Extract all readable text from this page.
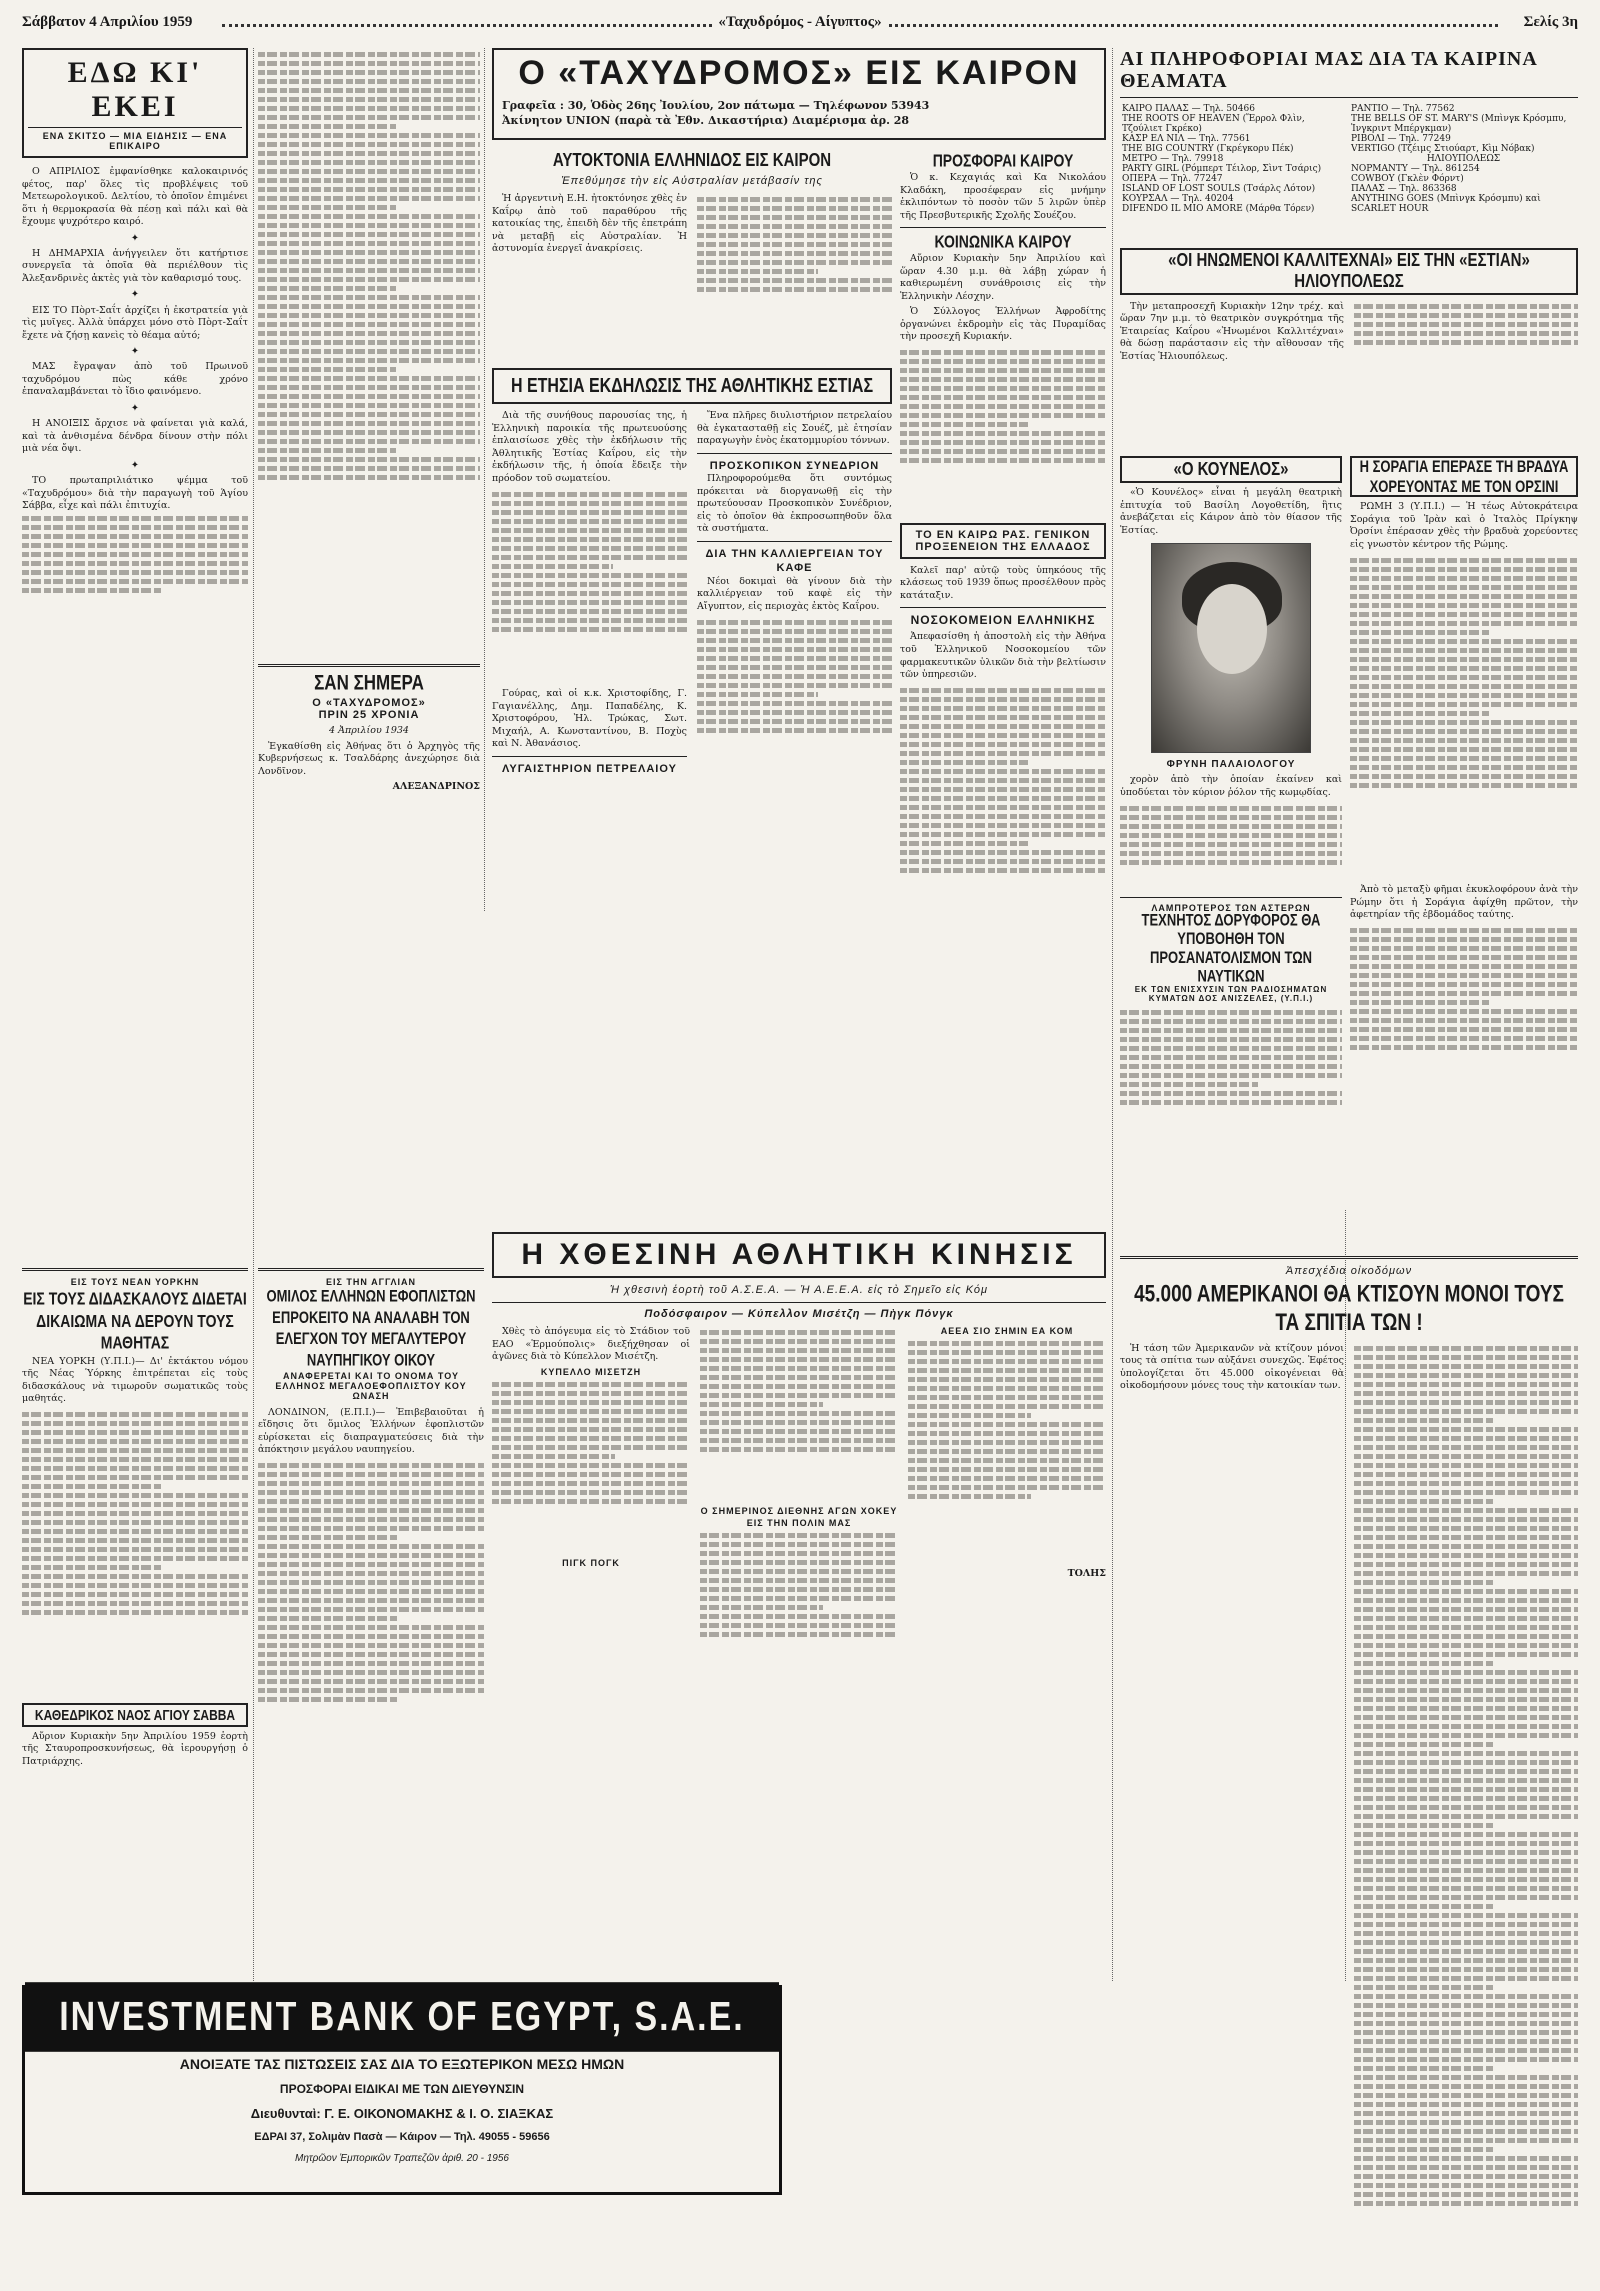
Σάββατον 4 Απριλίου 1959	«Ταχυδρόμος - Αίγυπτος»	Σελίς 3η
ΕΔΩ ΚΙ' ΕΚΕΙ
ΕΝΑ ΣΚΙΤΣΟ — ΜΙΑ ΕΙΔΗΣΙΣ — ΕΝΑ ΕΠΙΚΑΙΡΟ

Ο ΑΠΡΙΛΙΟΣ ἐμφανίσθηκε καλοκαιρινός φέτος, παρ' ὅλες τὶς προβλέψεις τοῦ Μετεωρολογικοῦ. Δελτίου, τὸ ὁποῖον ἐπιμένει ὅτι ἡ θερμοκρασία θὰ πέσῃ καὶ πάλι καὶ θὰ ἔχουμε ψυχρότερο καιρό.

✦

Η ΔΗΜΑΡΧΙΑ ἀνήγγειλεν ὅτι κατήρτισε συνεργεῖα τὰ ὁποῖα θὰ περιέλθουν τὶς Ἀλεξανδρινὲς ἀκτὲς γιὰ τὸν καθαρισμό τους.

✦

ΕΙΣ ΤΟ Πὸρτ-Σαΐτ ἀρχίζει ἡ ἐκστρατεία γιὰ τὶς μυῖγες. Ἀλλὰ ὑπάρχει μόνο στὸ Πὸρτ-Σαΐτ ἔχετε νὰ ζήσῃ κανεὶς τὸ θέαμα αὐτό;

✦

ΜΑΣ ἔγραψαν ἀπὸ τοῦ Πρωινοῦ ταχυδρόμου πὼς κάθε χρόνο ἐπαναλαμβάνεται τὸ ἴδιο φαινόμενο.

✦

Η ΑΝΟΙΞΙΣ ἄρχισε νὰ φαίνεται γιὰ καλά, καὶ τὰ ἀνθισμένα δένδρα δίνουν στὴν πόλι μιὰ νέα ὄψι.

✦

ΤΟ πρωταπριλιάτικο ψέμμα τοῦ «Ταχυδρόμου» διὰ τὴν παραγωγὴ τοῦ Ἁγίου Σάββα, εἶχε καὶ πάλι ἐπιτυχία.

ΣΑΝ ΣΗΜΕΡΑ
Ο «ΤΑΧΥΔΡΟΜΟΣ»
ΠΡΙΝ 25 ΧΡΟΝΙΑ

4 Ἀπριλίου 1934

Ἐγκαθίσθη εἰς Ἀθήνας ὅτι ὁ Ἀρχηγὸς τῆς Κυβερνήσεως κ. Τσαλδάρης ἀνεχώρησε διὰ Λονδῖνον.

ΑΛΕΞΑΝΔΡΙΝΟΣ

Ο «ΤΑΧΥΔΡΟΜΟΣ» ΕΙΣ ΚΑΙΡΟΝ
Γραφεῖα : 30, Ὁδὸς 26ης Ἰουλίου, 2ον πάτωμα — Τηλέφωνον 53943
Ἀκίνητον UNION (παρὰ τὰ Ἐθν. Δικαστήρια) Διαμέρισμα ἀρ. 28
ΑΥΤΟΚΤΟΝΙΑ ΕΛΛΗΝΙΔΟΣ ΕΙΣ ΚΑΙΡΟΝ
Ἐπεθύμησε τὴν εἰς Αὐστραλίαν μετάβασίν της

Ἡ ἀργεντινὴ Ε.Η. ἠτοκτόνησε χθὲς ἐν Καΐρῳ ἀπὸ τοῦ παραθύρου τῆς κατοικίας της, ἐπειδὴ δὲν τῆς ἐπετράπη νὰ μεταβῇ εἰς Αὐστραλίαν. Ἡ ἀστυνομία ἐνεργεῖ ἀνακρίσεις.

Η ΕΤΗΣΙΑ ΕΚΔΗΛΩΣΙΣ ΤΗΣ ΑΘΛΗΤΙΚΗΣ ΕΣΤΙΑΣ

Διὰ τῆς συνήθους παρουσίας της, ἡ Ἑλληνικὴ παροικία τῆς πρωτευούσης ἐπλαισίωσε χθὲς τὴν ἐκδήλωσιν τῆς Ἀθλητικῆς Ἑστίας Καΐρου, εἰς τὴν ἐκδήλωσιν τῆς, ἡ ὁποία ἔδειξε τὴν πρόοδον τοῦ σωματείου.

Γούρας, καὶ οἱ κ.κ. Χριστοφίδης, Γ. Γαγιανέλλης, Δημ. Παπαδέλης, Κ. Χριστοφόρου, Ἠλ. Τρώκας, Σωτ. Μιχαήλ, Α. Κωνσταντίνου, Β. Ποχὺς καὶ Ν. Ἀθανάσιος.

ΛΥΓΑΙΣΤΗΡΙΟΝ ΠΕΤΡΕΛΑΙΟΥ

Ἔνα πλῆρες διυλιστήριον πετρελαίου θὰ ἐγκατασταθῇ εἰς Σουέζ, μὲ ἐτησίαν παραγωγὴν ἑνὸς ἑκατομμυρίου τόννων.

ΠΡΟΣΚΟΠΙΚΟΝ ΣΥΝΕΔΡΙΟΝ

Πληροφορούμεθα ὅτι συντόμως πρόκειται νὰ διοργανωθῇ εἰς τὴν πρωτεύουσαν Προσκοπικὸν Συνέδριον, εἰς τὸ ὁποῖον θὰ ἐκπροσωπηθοῦν ὅλα τὰ συστήματα.

ΔΙΑ ΤΗΝ ΚΑΛΛΙΕΡΓΕΙΑΝ ΤΟΥ ΚΑΦΕ

Νέοι δοκιμαὶ θὰ γίνουν διὰ τὴν καλλιέργειαν τοῦ καφὲ εἰς τὴν Αἴγυπτον, εἰς περιοχὰς ἐκτὸς Καΐρου.

ΠΡΟΣΦΟΡΑΙ ΚΑΙΡΟΥ

Ὁ κ. Κεχαγιάς καὶ Κα Νικολάου Κλαδάκη, προσέφεραν εἰς μνήμην ἐκλιπόντων τὸ ποσὸν τῶν 5 λιρῶν ὑπὲρ τῆς Πρεσβυτερικῆς Σχολῆς Σουέζου.

ΚΟΙΝΩΝΙΚΑ ΚΑΙΡΟΥ

Αὔριον Κυριακὴν 5ην Ἀπριλίου καὶ ὥραν 4.30 μ.μ. θὰ λάβῃ χώραν ἡ καθιερωμένη συνάθροισις εἰς τὴν Ἑλληνικὴν Λέσχην.

Ὁ Σύλλογος Ἑλλήνων Ἀφροδίτης ὀργανώνει ἐκδρομὴν εἰς τὰς Πυραμίδας τὴν προσεχῆ Κυριακήν.

ΤΟ ΕΝ ΚΑΙΡΩ ΡΑΣ. ΓΕΝΙΚΟΝ ΠΡΟΞΕΝΕΙΟΝ ΤΗΣ ΕΛΛΑΔΟΣ

Καλεῖ παρ' αὐτῷ τοὺς ὑπηκόους τῆς κλάσεως τοῦ 1939 ὅπως προσέλθουν πρὸς κατάταξιν.

ΝΟΣΟΚΟΜΕΙΟΝ ΕΛΛΗΝΙΚΗΣ

Ἀπεφασίσθη ἡ ἀποστολὴ εἰς τὴν Ἀθήνα τοῦ Ἑλληνικοῦ Νοσοκομείου τῶν φαρμακευτικῶν ὑλικῶν διὰ τὴν βελτίωσιν τῶν ὑπηρεσιῶν.

ΑΙ ΠΛΗΡΟΦΟΡΙΑΙ ΜΑΣ ΔΙΑ ΤΑ ΚΑΙΡΙΝΑ ΘΕΑΜΑΤΑ
ΚΑΙΡΟ ΠΑΛΑΣ — Τηλ. 50466
THE ROOTS OF HEAVEN (Ἔρρολ Φλὶν, Τζούλιετ Γκρέκο)
ΚΑΣΡ ΕΛ ΝΙΛ — Τηλ. 77561
THE BIG COUNTRY (Γκρέγκορυ Πέκ)
ΜΕΤΡΟ — Τηλ. 79918
PARTY GIRL (Ρόμπερτ Τέιλορ, Σὶντ Τσάρις)
ΟΠΕΡΑ — Τηλ. 77247
ISLAND OF LOST SOULS (Τσάρλς Λότον)
ΚΟΥΡΣΑΛ — Τηλ. 40204
DIFENDO IL MIO AMORE (Μάρθα Τόρεν)

ΡΑΝΤΙΟ — Τηλ. 77562
THE BELLS OF ST. MARY'S (Μπὶνγκ Κρόσμπυ, Ἰνγκριντ Μπέργκμαν)
ΡΙΒΟΛΙ — Τηλ. 77249
VERTIGO (Τζέιμς Στιούαρτ, Κὶμ Νόβακ)
ΗΛΙΟΥΠΟΛΕΩΣ
ΝΟΡΜΑΝΤΥ — Τηλ. 861254
COWBOY (Γκλὲν Φόρντ)
ΠΑΛΑΣ — Τηλ. 863368
ANYTHING GOES (Μπὶνγκ Κρόσμπυ) καὶ SCARLET HOUR
«ΟΙ ΗΝΩΜΕΝΟΙ ΚΑΛΛΙΤΕΧΝΑΙ» ΕΙΣ ΤΗΝ «ΕΣΤΙΑΝ» ΗΛΙΟΥΠΟΛΕΩΣ

Τὴν μεταπροσεχῆ Κυριακὴν 12ην τρέχ. καὶ ὥραν 7ην μ.μ. τὸ θεατρικὸν συγκρότημα τῆς Ἑταιρείας Καΐρου «Ἡνωμένοι Καλλιτέχναι» θὰ δώσῃ παράστασιν εἰς τὴν αἴθουσαν τῆς Ἑστίας Ἡλιουπόλεως.

«Ο ΚΟΥΝΕΛΟΣ»

«Ὁ Κουνέλος» εἶναι ἡ μεγάλη θεατρικὴ ἐπιτυχία τοῦ Βασίλη Λογοθετίδη, ἣτις ἀνεβάζεται εἰς Κάιρον ἀπὸ τὸν θίασον τῆς Ἑστίας.

ΦΡΥΝΗ ΠΑΛΑΙΟΛΟΓΟΥ

χορὸν ἀπὸ τὴν ὁποίαν ἐκαίνεν καὶ ὑποδύεται τὸν κύριον ῥόλον τῆς κωμῳδίας.

ΛΑΜΠΡΟΤΕΡΟΣ ΤΩΝ ΑΣΤΕΡΩΝ
ΤΕΧΝΗΤΟΣ ΔΟΡΥΦΟΡΟΣ ΘΑ ΥΠΟΒΟΗΘΗ ΤΟΝ ΠΡΟΣΑΝΑΤΟΛΙΣΜΟΝ ΤΩΝ ΝΑΥΤΙΚΩΝ
ΕΚ ΤΩΝ ΕΝΙΣΧΥΣΙΝ ΤΩΝ ΡΑΔΙΟΣΗΜΑΤΩΝ ΚΥΜΑΤΩΝ ΔΟΣ ΑΝΙΣΖΕΛΕΣ, (Υ.Π.Ι.)
Η ΣΟΡΑΓΙΑ ΕΠΕΡΑΣΕ ΤΗ ΒΡΑΔΥΑ ΧΟΡΕΥΟΝΤΑΣ ΜΕ ΤΟΝ ΟΡΣΙΝΙ

ΡΩΜΗ 3 (Υ.Π.Ι.) — Ἡ τέως Αὐτοκράτειρα Σοράγια τοῦ Ἰρὰν καὶ ὁ Ἰταλὸς Πρίγκηψ Ὀρσίνι ἐπέρασαν χθὲς τὴν βραδυὰ χορεύοντες εἰς γνωστὸν κέντρον τῆς Ρώμης.

Ἀπὸ τὸ μεταξὺ φῆμαι ἐκυκλοφόρουν ἀνὰ τὴν Ρώμην ὅτι ἡ Σοράγια ἀφίχθη πρῶτον, τὴν ἀφετηρίαν τῆς ἑβδομάδος ταύτης.

ΕΙΣ ΤΟΥΣ ΝΕΑΝ ΥΟΡΚΗΝ
ΕΙΣ ΤΟΥΣ ΔΙΔΑΣΚΑΛΟΥΣ ΔΙΔΕΤΑΙ ΔΙΚΑΙΩΜΑ ΝΑ ΔΕΡΟΥΝ ΤΟΥΣ ΜΑΘΗΤΑΣ

ΝΕΑ ΥΟΡΚΗ (Υ.Π.Ι.)— Δι' ἐκτάκτου νόμου τῆς Νέας Ὑόρκης ἐπιτρέπεται εἰς τοὺς διδασκάλους νὰ τιμωροῦν σωματικῶς τοὺς μαθητάς.

ΚΑΘΕΔΡΙΚΟΣ ΝΑΟΣ ΑΓΙΟΥ ΣΑΒΒΑ

Αὔριον Κυριακὴν 5ην Ἀπριλίου 1959 ἑορτὴ τῆς Σταυροπροσκυνήσεως, θὰ ἱερουργήσῃ ὁ Πατριάρχης.

ΕΙΣ ΤΗΝ ΑΓΓΛΙΑΝ
ΟΜΙΛΟΣ ΕΛΛΗΝΩΝ ΕΦΟΠΛΙΣΤΩΝ ΕΠΡΟΚΕΙΤΟ ΝΑ ΑΝΑΛΑΒΗ ΤΟΝ ΕΛΕΓΧΟΝ ΤΟΥ ΜΕΓΑΛΥΤΕΡΟΥ ΝΑΥΠΗΓΙΚΟΥ ΟΙΚΟΥ
ΑΝΑΦΕΡΕΤΑΙ ΚΑΙ ΤΟ ΟΝΟΜΑ ΤΟΥ ΕΛΛΗΝΟΣ ΜΕΓΑΛΟΕΦΟΠΛΙΣΤΟΥ ΚΟΥ ΩΝΑΣΗ

ΛΟΝΔΙΝΟΝ, (Ε.Π.Ι.)— Ἐπιβεβαιοῦται ἡ εἴδησις ὅτι ὅμιλος Ἑλλήνων ἐφοπλιστῶν εὑρίσκεται εἰς διαπραγματεύσεις διὰ τὴν ἀπόκτησιν μεγάλου ναυπηγείου.

Η ΧΘΕΣΙΝΗ ΑΘΛΗΤΙΚΗ ΚΙΝΗΣΙΣ
Ἡ χθεσινὴ ἑορτὴ τοῦ Α.Σ.Ε.Α. — Ἡ Α.Ε.Ε.Α. εἰς τὸ Σημεῖο εἰς Κόμ
Ποδόσφαιρον — Κύπελλον Μισέτζη — Πὴγκ Πόνγκ

Χθὲς τὸ ἀπόγευμα εἰς τὸ Στάδιον τοῦ ΕΑΟ «Ἑρμούπολις» διεξήχθησαν οἱ ἀγῶνες διὰ τὸ Κύπελλον Μισέτζη.

ΚΥΠΕΛΛΟ ΜΙΣΕΤΖΗ
ΠΙΓΚ ΠΟΓΚ
Ο ΣΗΜΕΡΙΝΟΣ ΔΙΕΘΝΗΣ ΑΓΩΝ ΧΟΚΕΥ ΕΙΣ ΤΗΝ ΠΟΛΙΝ ΜΑΣ
ΑΕΕΑ ΣΙΟ ΣΗΜΙΝ ΕΑ ΚΟΜ

ΤΟΛΗΣ

Ἀπεσχέδια οἰκοδόμων
45.000 ΑΜΕΡΙΚΑΝΟΙ ΘΑ ΚΤΙΣΟΥΝ ΜΟΝΟΙ ΤΟΥΣ ΤΑ ΣΠΙΤΙΑ ΤΩΝ !

Ἡ τάση τῶν Ἀμερικανῶν νὰ κτίζουν μόνοι τους τὰ σπίτια των αὐξάνει συνεχῶς. Ἐφέτος ὑπολογίζεται ὅτι 45.000 οἰκογένειαι θὰ οἰκοδομήσουν μόνες τους τὴν κατοικίαν των.

INVESTMENT BANK OF EGYPT, S.A.E.
ΑΝΟΙΞΑΤΕ ΤΑΣ ΠΙΣΤΩΣΕΙΣ ΣΑΣ ΔΙΑ ΤΟ ΕΞΩΤΕΡΙΚΟΝ ΜΕΣΩ ΗΜΩΝ
ΠΡΟΣΦΟΡΑΙ ΕΙΔΙΚΑΙ ΜΕ ΤΩΝ ΔΙΕΥΘΥΝΣΙΝ
Διευθυνταὶ: Γ. Ε. ΟΙΚΟΝΟΜΑΚΗΣ & Ι. Ο. ΣΙΑΞΚΑΣ
ΕΔΡΑΙ 37, Σολιμὰν Πασὰ — Κάιρον — Τηλ. 49055 - 59656
Μητρῶον Ἐμπορικῶν Τραπεζῶν ἀριθ. 20 - 1956
